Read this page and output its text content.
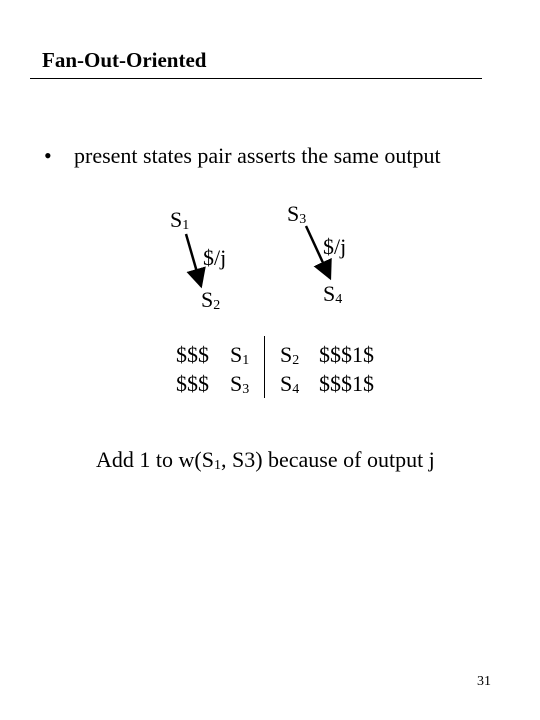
Fan-Out-Oriented
• present states pair asserts the same output
$S_1$	$S_3$
$/j	$/j
$S_2$	$S_4$
$$$ $S_1$ $S_2$ $$$1$
$$$ $S_3$ $S_4$ $$$1$
Add 1 to $w(S_1$, S3) because of output j
31
